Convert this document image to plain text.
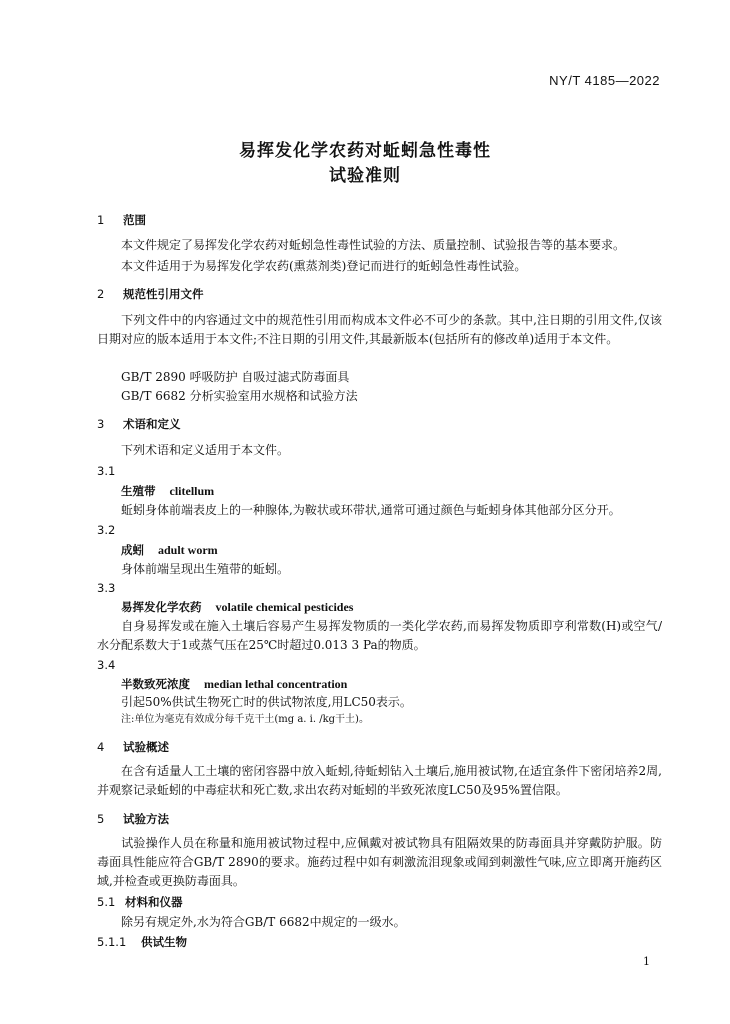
NY/T 4185—2022
易挥发化学农药对蚯蚓急性毒性
试验准则
1 范围
本文件规定了易挥发化学农药对蚯蚓急性毒性试验的方法、质量控制、试验报告等的基本要求。
本文件适用于为易挥发化学农药(熏蒸剂类)登记而进行的蚯蚓急性毒性试验。
2 规范性引用文件
下列文件中的内容通过文中的规范性引用而构成本文件必不可少的条款。其中,注日期的引用文件,仅该日期对应的版本适用于本文件;不注日期的引用文件,其最新版本(包括所有的修改单)适用于本文件。
GB/T 2890 呼吸防护 自吸过滤式防毒面具
GB/T 6682 分析实验室用水规格和试验方法
3 术语和定义
下列术语和定义适用于本文件。
3.1
生殖带 clitellum
蚯蚓身体前端表皮上的一种腺体,为鞍状或环带状,通常可通过颜色与蚯蚓身体其他部分区分开。
3.2
成蚓 adult worm
身体前端呈现出生殖带的蚯蚓。
3.3
易挥发化学农药 volatile chemical pesticides
自身易挥发或在施入土壤后容易产生易挥发物质的一类化学农药,而易挥发物质即亨利常数(H)或空气/水分配系数大于1或蒸气压在25℃时超过0.013 3 Pa的物质。
3.4
半数致死浓度 median lethal concentration
引起50%供试生物死亡时的供试物浓度,用LC50表示。
注:单位为毫克有效成分每千克干土(mg a. i. /kg干土)。
4 试验概述
在含有适量人工土壤的密闭容器中放入蚯蚓,待蚯蚓钻入土壤后,施用被试物,在适宜条件下密闭培养2周,并观察记录蚯蚓的中毒症状和死亡数,求出农药对蚯蚓的半致死浓度LC50及95%置信限。
5 试验方法
试验操作人员在称量和施用被试物过程中,应佩戴对被试物具有阻隔效果的防毒面具并穿戴防护服。防毒面具性能应符合GB/T 2890的要求。施药过程中如有刺激流泪现象或闻到刺激性气味,应立即离开施药区域,并检查或更换防毒面具。
5.1 材料和仪器
除另有规定外,水为符合GB/T 6682中规定的一级水。
5.1.1 供试生物
1
